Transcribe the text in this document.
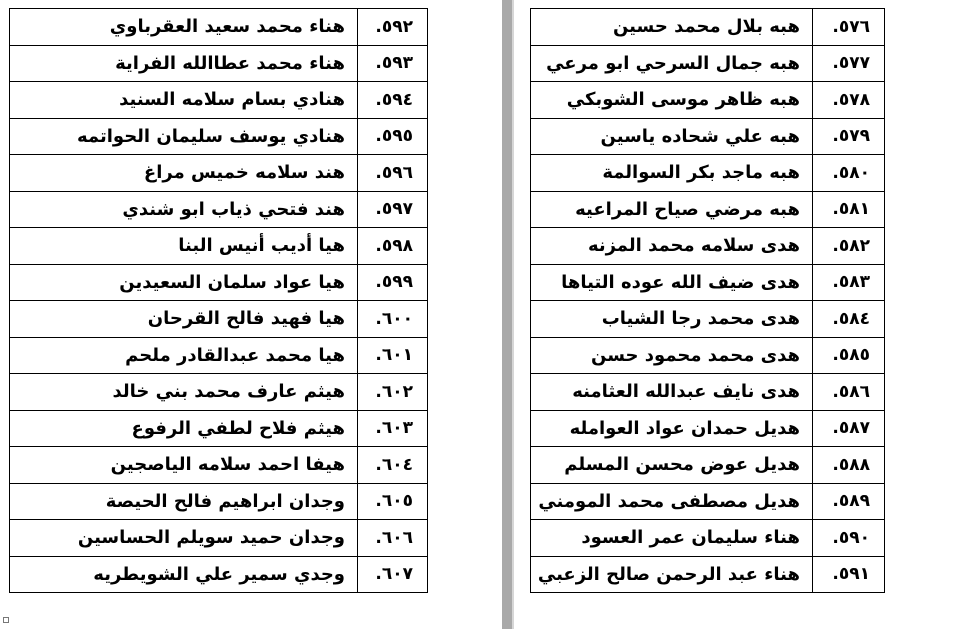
٥٩٢.	هناء محمد سعيد العقرباوي
٥٩٣.	هناء محمد عطاالله الفراية
٥٩٤.	هنادي بسام سلامه السنيد
٥٩٥.	هنادي يوسف سليمان الحواتمه
٥٩٦.	هند سلامه خميس مراغ
٥٩٧.	هند فتحي ذياب ابو شندي
٥٩٨.	هيا أديب أنيس البنا
٥٩٩.	هيا عواد سلمان السعيدين
٦٠٠.	هيا فهيد فالح القرحان
٦٠١.	هيا محمد عبدالقادر ملحم
٦٠٢.	هيثم عارف محمد بني خالد
٦٠٣.	هيثم فلاح لطفي الرفوع
٦٠٤.	هيفا احمد سلامه الياصجين
٦٠٥.	وجدان ابراهيم فالح الحيصة
٦٠٦.	وجدان حميد سويلم الحساسين
٦٠٧.	وجدي سمير علي الشويطريه
٥٧٦.	هبه بلال محمد حسين
٥٧٧.	هبه جمال السرحي ابو مرعي
٥٧٨.	هبه ظاهر موسى الشوبكي
٥٧٩.	هبه علي شحاده ياسين
٥٨٠.	هبه ماجد بكر السوالمة
٥٨١.	هبه مرضي صياح المراعيه
٥٨٢.	هدى سلامه محمد المزنه
٥٨٣.	هدى ضيف الله عوده التياها
٥٨٤.	هدى محمد رجا الشياب
٥٨٥.	هدى محمد محمود حسن
٥٨٦.	هدى نايف عبدالله العثامنه
٥٨٧.	هديل حمدان عواد العوامله
٥٨٨.	هديل عوض محسن المسلم
٥٨٩.	هديل مصطفى محمد المومني
٥٩٠.	هناء سليمان عمر العسود
٥٩١.	هناء عبد الرحمن صالح الزعبي
